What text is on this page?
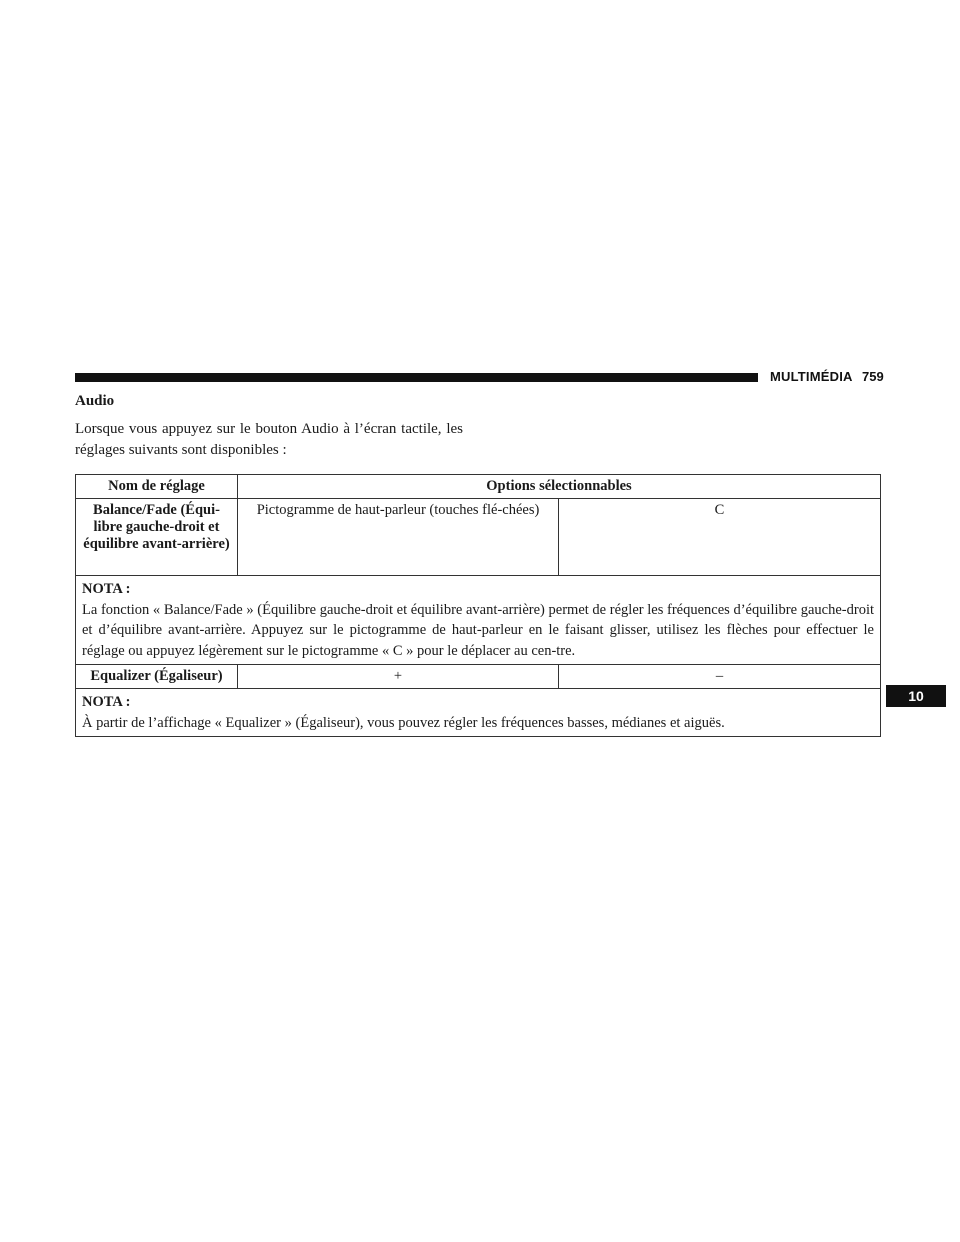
MULTIMÉDIA 759
Audio
Lorsque vous appuyez sur le bouton Audio à l’écran tactile, les réglages suivants sont disponibles :
Nom de réglage	Options sélectionnables	
Balance/Fade (Équi-libre gauche-droit et équilibre avant-arrière)	Pictogramme de haut-parleur (touches flé-chées)	C

NOTA :
La fonction « Balance/Fade » (Équilibre gauche-droit et équilibre avant-arrière) permet de régler les fréquences d’équilibre gauche-droit et d’équilibre avant-arrière. Appuyez sur le pictogramme de haut-parleur en le faisant glisser, utilisez les flèches pour effectuer le réglage ou appuyez légèrement sur le pictogramme « C » pour le déplacer au cen-tre.		
Equalizer (Égaliseur)	+	–

NOTA :
À partir de l’affichage « Equalizer » (Égaliseur), vous pouvez régler les fréquences basses, médianes et aiguës.		
10
